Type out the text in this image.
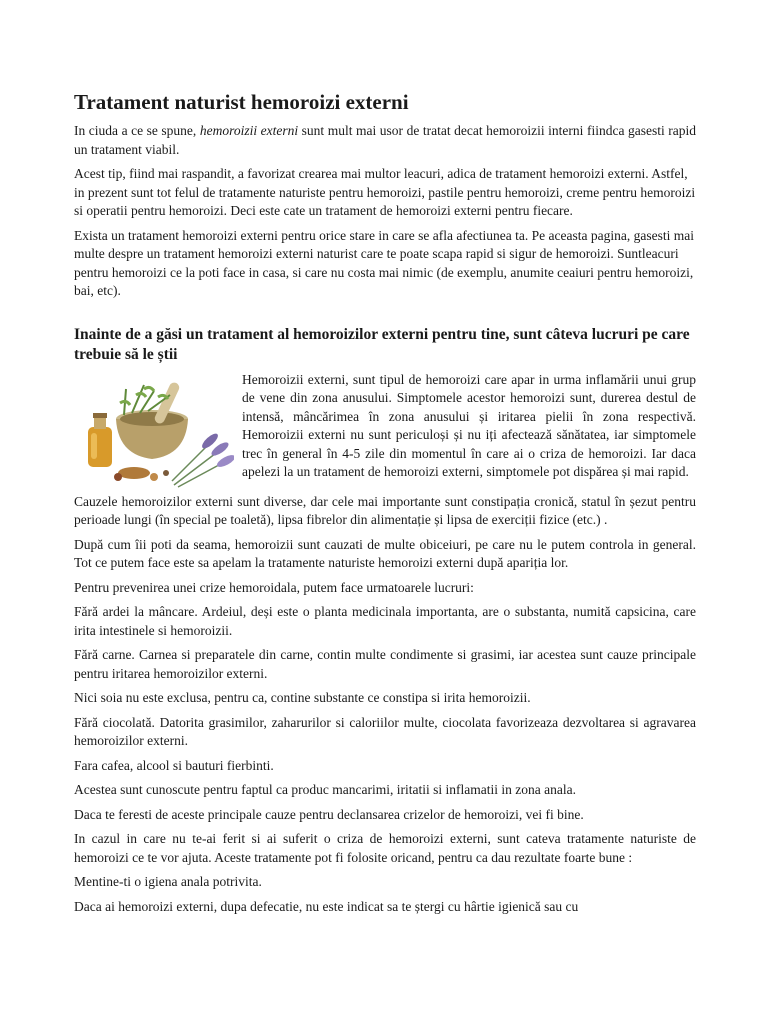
Tratament naturist hemoroizi externi

In ciuda a ce se spune, hemoroizii externi sunt mult mai usor de tratat decat hemoroizii interni fiindca gasesti rapid un tratament viabil.

Acest tip, fiind mai raspandit, a favorizat crearea mai multor leacuri, adica de tratament hemoroizi externi. Astfel, in prezent sunt tot felul de tratamente naturiste pentru hemoroizi, pastile pentru hemoroizi, creme pentru hemoroizi si operatii pentru hemoroizi. Deci este cate un tratament de hemoroizi externi pentru fiecare.

Exista un tratament hemoroizi externi pentru orice stare in care se afla afectiunea ta. Pe aceasta pagina, gasesti mai multe despre un tratament hemoroizi externi naturist care te poate scapa rapid si sigur de hemoroizi. Suntleacuri pentru hemoroizi ce la poti face in casa, si care nu costa mai nimic (de exemplu, anumite ceaiuri pentru hemoroizi, bai, etc).

Inainte de a găsi un tratament al hemoroizilor externi pentru tine, sunt câteva lucruri pe care trebuie să le știi

Hemoroizii externi, sunt tipul de hemoroizi care apar in urma inflamării unui grup de vene din zona anusului. Simptomele acestor hemoroizi sunt, durerea destul de intensă, mâncărimea în zona anusului și iritarea pielii în zona respectivă. Hemoroizii externi nu sunt periculoși și nu iți afectează sănătatea, iar simptomele trec în general în 4-5 zile din momentul în care ai o criza de hemoroizi. Iar daca apelezi la un tratament de hemoroizi externi, simptomele pot dispărea și mai rapid.

Cauzele hemoroizilor externi sunt diverse, dar cele mai importante sunt constipația cronică, statul în șezut pentru perioade lungi (în special pe toaletă), lipsa fibrelor din alimentație și lipsa de exerciții fizice (etc.) .

După cum îii poti da seama, hemoroizii sunt cauzati de multe obiceiuri, pe care nu le putem controla in general. Tot ce putem face este sa apelam la tratamente naturiste hemoroizi externi după apariția lor.

Pentru prevenirea unei crize hemoroidala, putem face urmatoarele lucruri:

Fără ardei la mâncare. Ardeiul, deși este o planta medicinala importanta, are o substanta, numită capsicina, care irita intestinele si hemoroizii.

Fără carne. Carnea si preparatele din carne, contin multe condimente si grasimi, iar acestea sunt cauze principale pentru iritarea hemoroizilor externi.

Nici soia nu este exclusa, pentru ca, contine substante ce constipa si irita hemoroizii.

Fără ciocolată. Datorita grasimilor, zaharurilor si caloriilor multe, ciocolata favorizeaza dezvoltarea si agravarea hemoroizilor externi.

Fara cafea, alcool si bauturi fierbinti.

Acestea sunt cunoscute pentru faptul ca produc mancarimi, iritatii si inflamatii in zona anala.

Daca te feresti de aceste principale cauze pentru declansarea crizelor de hemoroizi, vei fi bine.

In cazul in care nu te-ai ferit si ai suferit o criza de hemoroizi externi, sunt cateva tratamente naturiste de hemoroizi ce te vor ajuta. Aceste tratamente pot fi folosite oricand, pentru ca dau rezultate foarte bune :

Mentine-ti o igiena anala potrivita.

Daca ai hemoroizi externi, dupa defecatie, nu este indicat sa te ștergi cu hârtie igienică sau cu
